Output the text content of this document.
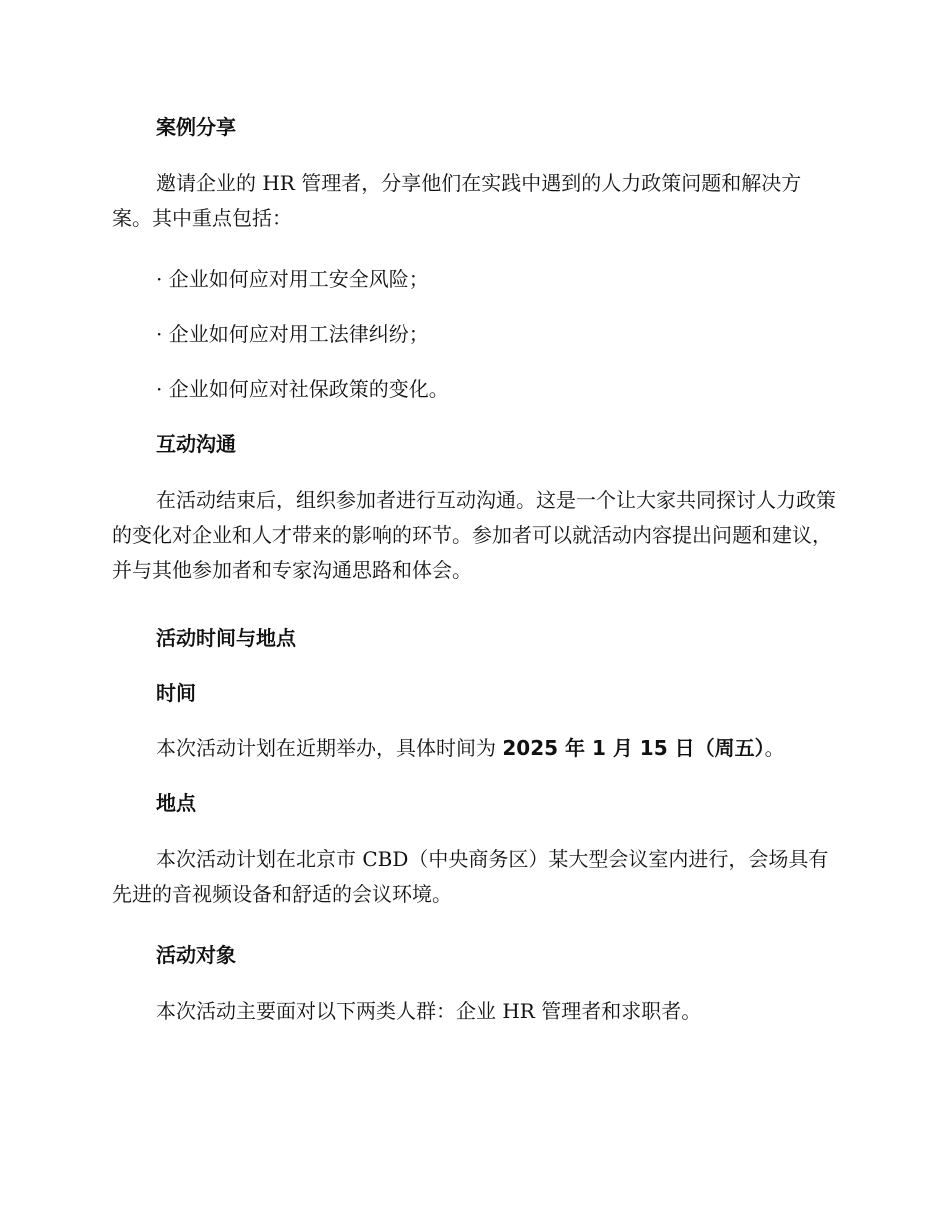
案例分享

邀请企业的 HR 管理者，分享他们在实践中遇到的人力政策问题和解决方案。其中重点包括：

· 企业如何应对用工安全风险；

· 企业如何应对用工法律纠纷；

· 企业如何应对社保政策的变化。

互动沟通

在活动结束后，组织参加者进行互动沟通。这是一个让大家共同探讨人力政策的变化对企业和人才带来的影响的环节。参加者可以就活动内容提出问题和建议，并与其他参加者和专家沟通思路和体会。

活动时间与地点

时间

本次活动计划在近期举办，具体时间为 2025 年 1 月 15 日（周五）。

地点

本次活动计划在北京市 CBD（中央商务区）某大型会议室内进行，会场具有先进的音视频设备和舒适的会议环境。

活动对象

本次活动主要面对以下两类人群：企业 HR 管理者和求职者。
